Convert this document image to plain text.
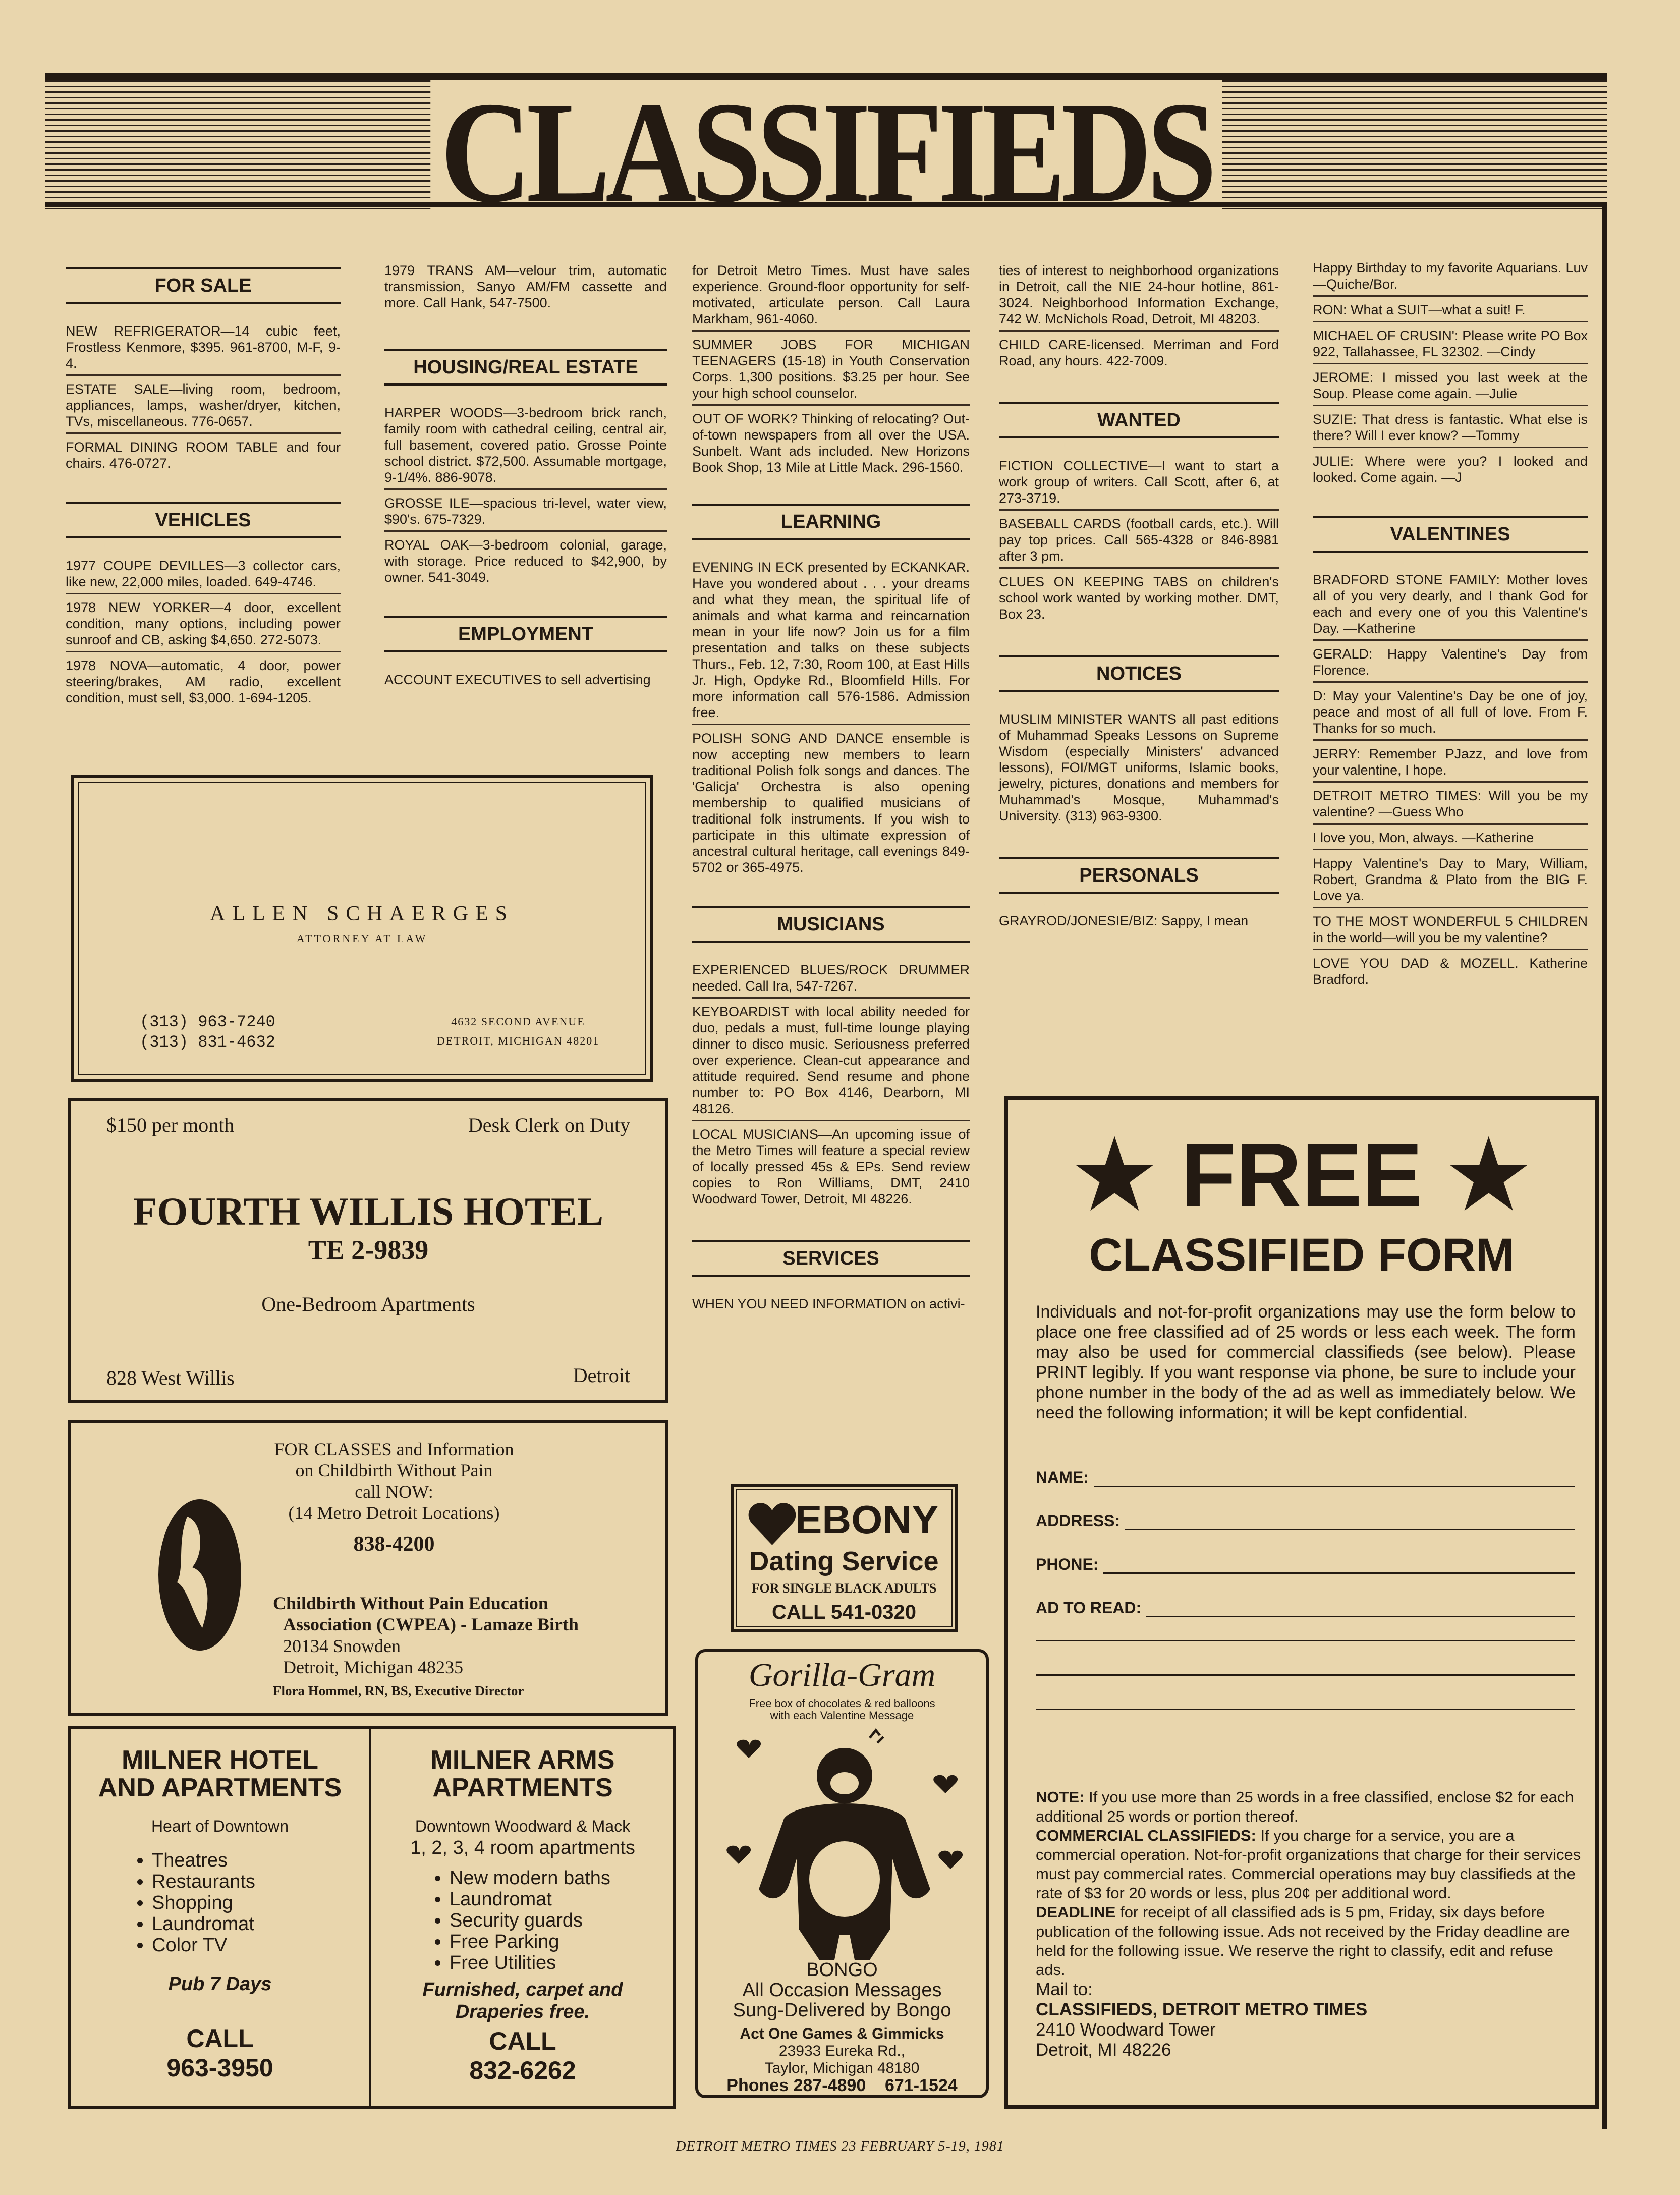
CLASSIFIEDS
FOR SALE
NEW REFRIGERATOR—14 cubic feet, Frostless Kenmore, $395. 961-8700, M-F, 9-4.
ESTATE SALE—living room, bedroom, appliances, lamps, washer/dryer, kitchen, TVs, miscellaneous. 776-0657.
FORMAL DINING ROOM TABLE and four chairs. 476-0727.
VEHICLES
1977 COUPE DEVILLES—3 collector cars, like new, 22,000 miles, loaded. 649-4746.
1978 NEW YORKER—4 door, excellent condition, many options, including power sunroof and CB, asking $4,650. 272-5073.
1978 NOVA—automatic, 4 door, power steering/brakes, AM radio, excellent condition, must sell, $3,000. 1-694-1205.
1979 TRANS AM—velour trim, automatic transmission, Sanyo AM/FM cassette and more. Call Hank, 547-7500.
HOUSING/REAL ESTATE
HARPER WOODS—3-bedroom brick ranch, family room with cathedral ceiling, central air, full basement, covered patio. Grosse Pointe school district. $72,500. Assumable mortgage, 9-1/4%. 886-9078.
GROSSE ILE—spacious tri-level, water view, $90's. 675-7329.
ROYAL OAK—3-bedroom colonial, garage, with storage. Price reduced to $42,900, by owner. 541-3049.
EMPLOYMENT
ACCOUNT EXECUTIVES to sell advertising
for Detroit Metro Times. Must have sales experience. Ground-floor opportunity for self-motivated, articulate person. Call Laura Markham, 961-4060.
SUMMER JOBS FOR MICHIGAN TEENAGERS (15-18) in Youth Conservation Corps. 1,300 positions. $3.25 per hour. See your high school counselor.
OUT OF WORK? Thinking of relocating? Out-of-town newspapers from all over the USA. Sunbelt. Want ads included. New Horizons Book Shop, 13 Mile at Little Mack. 296-1560.
LEARNING
EVENING IN ECK presented by ECKANKAR. Have you wondered about . . . your dreams and what they mean, the spiritual life of animals and what karma and reincarnation mean in your life now? Join us for a film presentation and talks on these subjects Thurs., Feb. 12, 7:30, Room 100, at East Hills Jr. High, Opdyke Rd., Bloomfield Hills. For more information call 576-1586. Admission free.
POLISH SONG AND DANCE ensemble is now accepting new members to learn traditional Polish folk songs and dances. The 'Galicja' Orchestra is also opening membership to qualified musicians of traditional folk instruments. If you wish to participate in this ultimate expression of ancestral cultural heritage, call evenings 849-5702 or 365-4975.
MUSICIANS
EXPERIENCED BLUES/ROCK DRUMMER needed. Call Ira, 547-7267.
KEYBOARDIST with local ability needed for duo, pedals a must, full-time lounge playing dinner to disco music. Seriousness preferred over experience. Clean-cut appearance and attitude required. Send resume and phone number to: PO Box 4146, Dearborn, MI 48126.
LOCAL MUSICIANS—An upcoming issue of the Metro Times will feature a special review of locally pressed 45s & EPs. Send review copies to Ron Williams, DMT, 2410 Woodward Tower, Detroit, MI 48226.
SERVICES
WHEN YOU NEED INFORMATION on activi-
ties of interest to neighborhood organizations in Detroit, call the NIE 24-hour hotline, 861-3024. Neighborhood Information Exchange, 742 W. McNichols Road, Detroit, MI 48203.
CHILD CARE-licensed. Merriman and Ford Road, any hours. 422-7009.
WANTED
FICTION COLLECTIVE—I want to start a work group of writers. Call Scott, after 6, at 273-3719.
BASEBALL CARDS (football cards, etc.). Will pay top prices. Call 565-4328 or 846-8981 after 3 pm.
CLUES ON KEEPING TABS on children's school work wanted by working mother. DMT, Box 23.
NOTICES
MUSLIM MINISTER WANTS all past editions of Muhammad Speaks Lessons on Supreme Wisdom (especially Ministers' advanced lessons), FOI/MGT uniforms, Islamic books, jewelry, pictures, donations and members for Muhammad's Mosque, Muhammad's University. (313) 963-9300.
PERSONALS
GRAYROD/JONESIE/BIZ: Sappy, I mean
Happy Birthday to my favorite Aquarians. Luv—Quiche/Bor.
RON: What a SUIT—what a suit! F.
MICHAEL OF CRUSIN': Please write PO Box 922, Tallahassee, FL 32302. —Cindy
JEROME: I missed you last week at the Soup. Please come again. —Julie
SUZIE: That dress is fantastic. What else is there? Will I ever know? —Tommy
JULIE: Where were you? I looked and looked. Come again. —J
VALENTINES
BRADFORD STONE FAMILY: Mother loves all of you very dearly, and I thank God for each and every one of you this Valentine's Day. —Katherine
GERALD: Happy Valentine's Day from Florence.
D: May your Valentine's Day be one of joy, peace and most of all full of love. From F. Thanks for so much.
JERRY: Remember PJazz, and love from your valentine, I hope.
DETROIT METRO TIMES: Will you be my valentine? —Guess Who
I love you, Mon, always. —Katherine
Happy Valentine's Day to Mary, William, Robert, Grandma & Plato from the BIG F. Love ya.
TO THE MOST WONDERFUL 5 CHILDREN in the world—will you be my valentine?
LOVE YOU DAD & MOZELL. Katherine Bradford.
ALLEN SCHAERGES
ATTORNEY AT LAW
(313) 963-7240
(313) 831-4632
4632 SECOND AVENUE
DETROIT, MICHIGAN 48201
$150 per month	Desk Clerk on Duty
FOURTH WILLIS HOTEL
TE 2-9839
One-Bedroom Apartments
828 West Willis	Detroit
FOR CLASSES and Information
on Childbirth Without Pain
call NOW:
(14 Metro Detroit Locations)
838-4200
Childbirth Without Pain Education
Association (CWPEA) - Lamaze Birth
20134 Snowden
Detroit, Michigan 48235
Flora Hommel, RN, BS, Executive Director
MILNER HOTEL
AND APARTMENTS
Heart of Downtown
• Theatres
• Restaurants
• Shopping
• Laundromat
• Color TV
Pub 7 Days
CALL
963-3950
MILNER ARMS
APARTMENTS
Downtown Woodward & Mack
1, 2, 3, 4 room apartments
• New modern baths
• Laundromat
• Security guards
• Free Parking
• Free Utilities
Furnished, carpet and
Draperies free.
CALL
832-6262
EBONY
Dating Service
FOR SINGLE BLACK ADULTS
CALL 541-0320
Gorilla-Gram
Free box of chocolates & red balloons
with each Valentine Message
BONGO
All Occasion Messages
Sung-Delivered by Bongo
Act One Games & Gimmicks
23933 Eureka Rd.,
Taylor, Michigan 48180
Phones 287-4890    671-1524
★ FREE ★
CLASSIFIED FORM
Individuals and not-for-profit organizations may use the form below to place one free classified ad of 25 words or less each week. The form may also be used for commercial classifieds (see below). Please PRINT legibly. If you want response via phone, be sure to include your phone number in the body of the ad as well as immediately below. We need the following information; it will be kept confidential.
NAME:
ADDRESS:
PHONE:
AD TO READ:
NOTE: If you use more than 25 words in a free classified, enclose $2 for each additional 25 words or portion thereof.
COMMERCIAL CLASSIFIEDS: If you charge for a service, you are a commercial operation. Not-for-profit organizations that charge for their services must pay commercial rates. Commercial operations may buy classifieds at the rate of $3 for 20 words or less, plus 20¢ per additional word.
DEADLINE for receipt of all classified ads is 5 pm, Friday, six days before publication of the following issue. Ads not received by the Friday deadline are held for the following issue. We reserve the right to classify, edit and refuse ads.
Mail to:
CLASSIFIEDS, DETROIT METRO TIMES
2410 Woodward Tower
Detroit, MI 48226
DETROIT METRO TIMES 23 FEBRUARY 5-19, 1981
